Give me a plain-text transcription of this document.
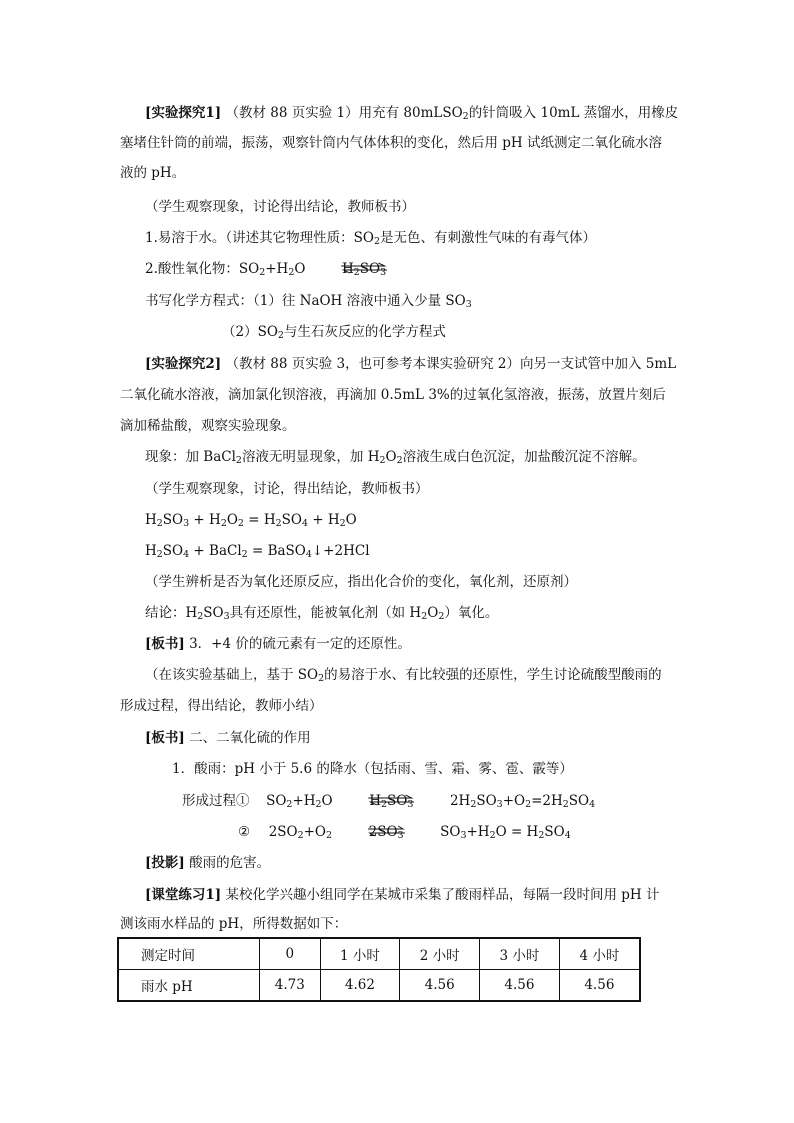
[实验探究1] （教材 88 页实验 1）用充有 80mLSO$_2$的针筒吸入 10mL 蒸馏水，用橡皮
塞堵住针筒的前端，振荡，观察针筒内气体体积的变化，然后用 pH 试纸测定二氧化硫水溶
液的 pH。
（学生观察现象，讨论得出结论，教师板书）
1.易溶于水。（讲述其它物理性质：$SO_2$是无色、有刺激性气味的有毒气体）
2.酸性氧化物：$SO_2+H_2O$	$H_2SO_3$
书写化学方程式：（1）往 NaOH 溶液中通入少量 $SO_3$
$(2)SO_2$与生石灰反应的化学方程式
[实验探究2] （教材 88 页实验 3，也可参考本课实验研究 2）向另一支试管中加入 5mL
二氧化硫水溶液，滴加氯化钡溶液，再滴加 0.5mL 3%的过氧化氢溶液，振荡，放置片刻后
滴加稀盐酸，观察实验现象。
现象：加 BaCl$_2$溶液无明显现象，加 $H_2O_2$溶液生成白色沉淀，加盐酸沉淀不溶解。
（学生观察现象，讨论，得出结论，教师板书）
$H_2SO_3 + H_2O_2 = H_2SO_4 + H_2O$
$H_2SO_4$ + BaCl$_2$ = BaSO$_4$↓+2HCl
（学生辨析是否为氧化还原反应，指出化合价的变化，氧化剂，还原剂）
结论：$H_2SO_3$具有还原性，能被氧化剂（如 $H_2O_2$）氧化。
[板书] 3．+4 价的硫元素有一定的还原性。
（在该实验基础上，基于 $SO_2$的易溶于水、有比较强的还原性，学生讨论硫酸型酸雨的
形成过程，得出结论，教师小结）
[板书] 二、二氧化硫的作用
1．酸雨：pH 小于 5.6 的降水（包括雨、雪、霜、雾、雹、霰等）
形成过程① $SO_2+H_2O$	$H_2SO_3$	$2H_2SO_3+O_2=2H_2SO_4$
② $2SO_2+O_2$	$2SO_3$	$SO_3+H_2O = H_2SO_4$
[投影] 酸雨的危害。
[课堂练习1] 某校化学兴趣小组同学在某城市采集了酸雨样品，每隔一段时间用 pH 计
测该雨水样品的 pH，所得数据如下：
测定时间	0	1 小时	2 小时	3 小时	4 小时
雨水 pH	4.73	4.62	4.56	4.56	4.56
